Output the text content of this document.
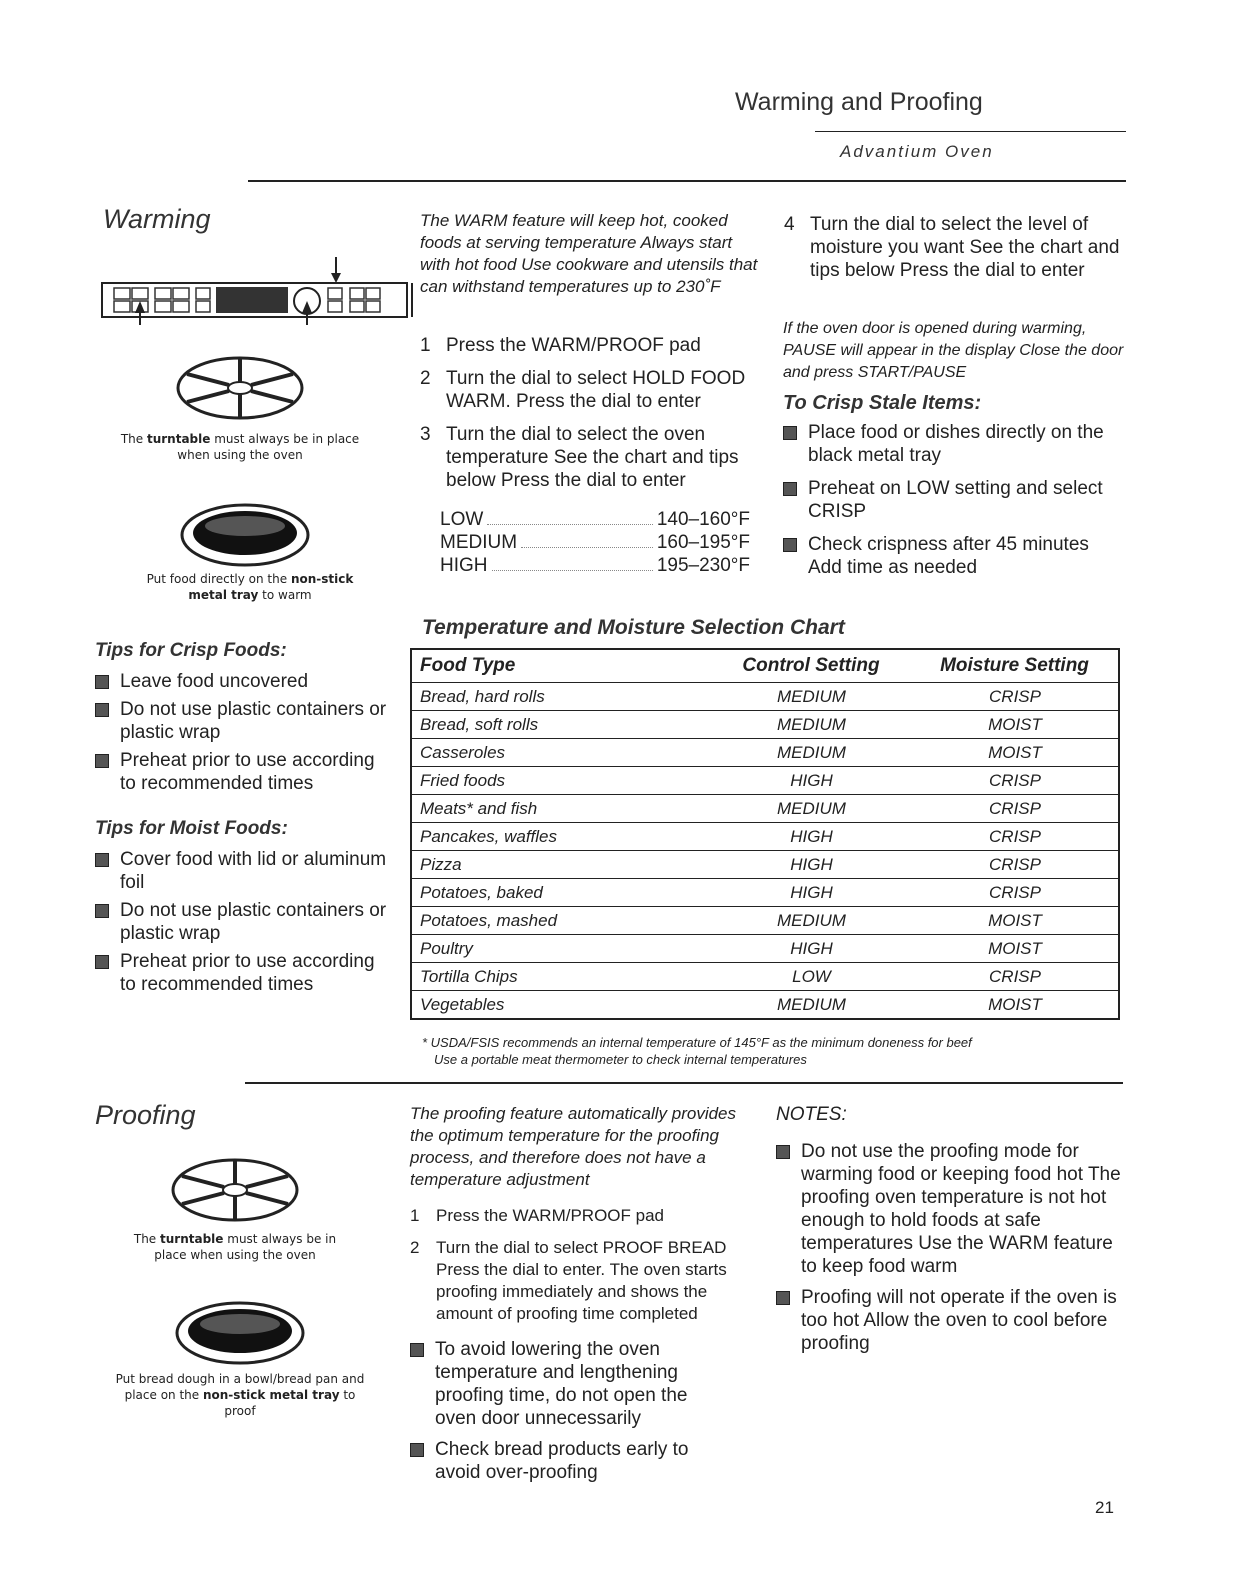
Warming and Proofing
Advantium Oven
Warming
The turntable must always be in place when using the oven
Put food directly on the non-stick metal tray to warm
Tips for Crisp Foods:
Leave food uncovered
Do not use plastic containers or plastic wrap
Preheat prior to use according to recommended times
Tips for Moist Foods:
Cover food with lid or aluminum foil
Do not use plastic containers or plastic wrap
Preheat prior to use according to recommended times
The WARM feature will keep hot, cooked foods at serving temperature Always start with hot food Use cookware and utensils that can withstand temperatures up to 230˚F
1 Press the WARM/PROOF pad
2 Turn the dial to select HOLD FOOD WARM. Press the dial to enter
3 Turn the dial to select the oven temperature See the chart and tips below Press the dial to enter
LOW	140–160°F
MEDIUM	160–195°F
HIGH	195–230°F
4 Turn the dial to select the level of moisture you want See the chart and tips below Press the dial to enter
If the oven door is opened during warming, PAUSE will appear in the display Close the door and press START/PAUSE
To Crisp Stale Items:
Place food or dishes directly on the black metal tray
Preheat on LOW setting and select CRISP
Check crispness after 45 minutes Add time as needed
Temperature and Moisture Selection Chart
Food Type	Control Setting	Moisture Setting
Bread, hard rolls	MEDIUM	CRISP
Bread, soft rolls	MEDIUM	MOIST
Casseroles	MEDIUM	MOIST
Fried foods	HIGH	CRISP
Meats* and fish	MEDIUM	CRISP
Pancakes, waffles	HIGH	CRISP
Pizza	HIGH	CRISP
Potatoes, baked	HIGH	CRISP
Potatoes, mashed	MEDIUM	MOIST
Poultry	HIGH	MOIST
Tortilla Chips	LOW	CRISP
Vegetables	MEDIUM	MOIST
* USDA/FSIS recommends an internal temperature of 145°F as the minimum doneness for beef
Use a portable meat thermometer to check internal temperatures
Proofing
The turntable must always be in place when using the oven
Put bread dough in a bowl/bread pan and place on the non-stick metal tray to proof
The proofing feature automatically provides the optimum temperature for the proofing process, and therefore does not have a temperature adjustment
1 Press the WARM/PROOF pad
2 Turn the dial to select PROOF BREAD Press the dial to enter. The oven starts proofing immediately and shows the amount of proofing time completed
To avoid lowering the oven temperature and lengthening proofing time, do not open the oven door unnecessarily
Check bread products early to avoid over-proofing
NOTES:
Do not use the proofing mode for warming food or keeping food hot The proofing oven temperature is not hot enough to hold foods at safe temperatures Use the WARM feature to keep food warm
Proofing will not operate if the oven is too hot Allow the oven to cool before proofing
21
